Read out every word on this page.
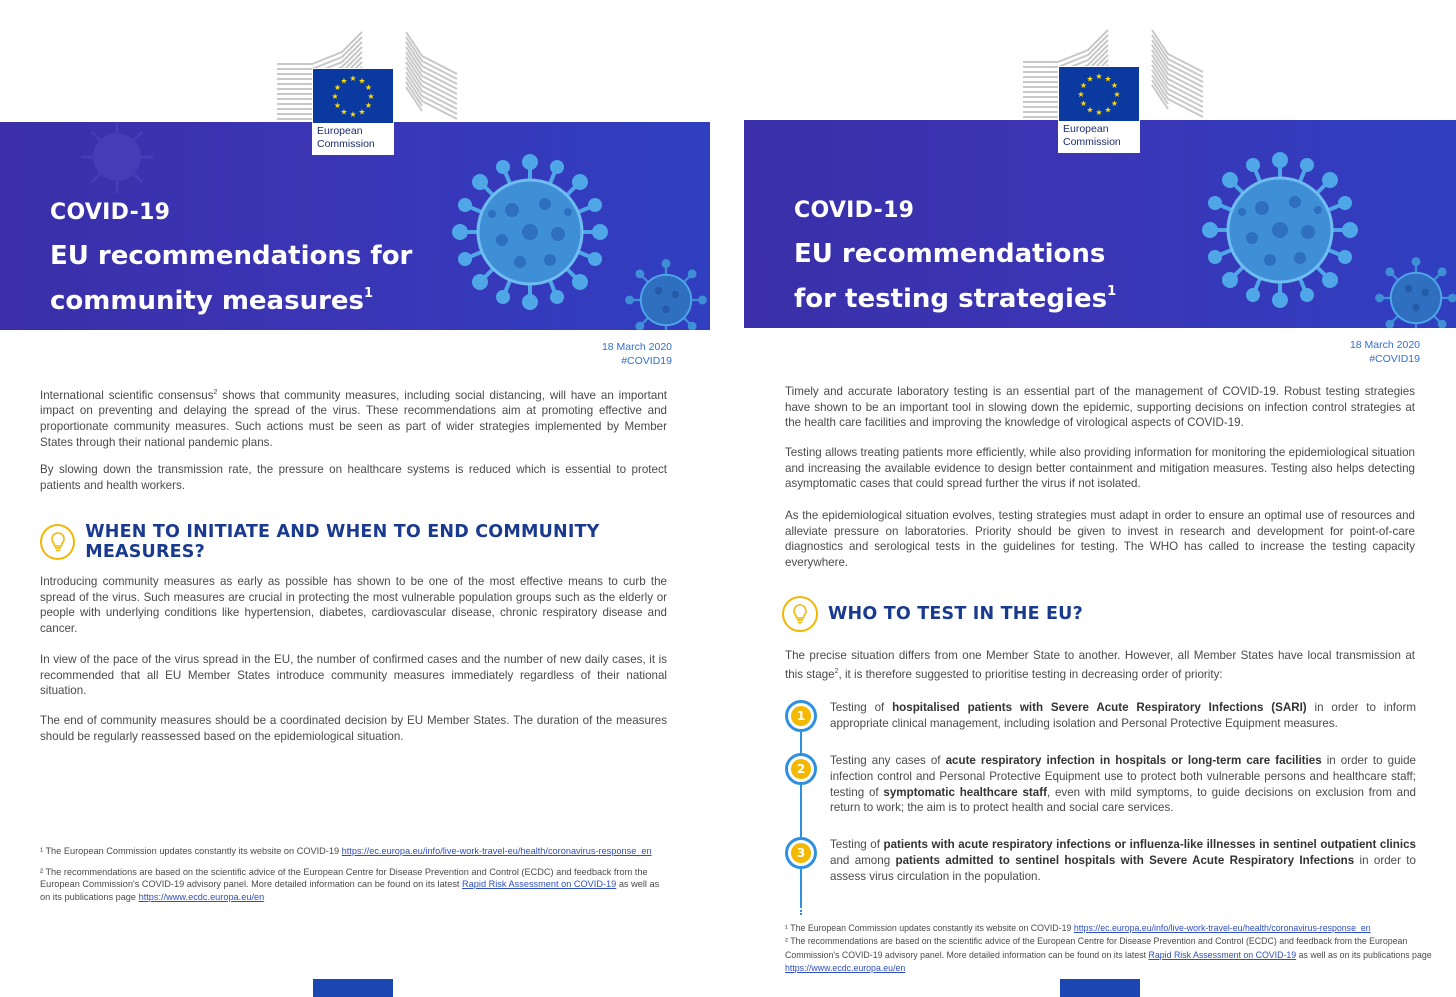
COVID-19
EU recommendations for
community measures$^1$
★ ★
★
★
★
★
★
★
★
★
★
★
European
Commission
18 March 2020
#COVID19

International scientific consensus$^2$ shows that community measures, including social distancing, will have an important impact on preventing and delaying the spread of the virus. These recommendations aim at promoting effective and proportionate community measures. Such actions must be seen as part of wider strategies implemented by Member States through their national pandemic plans.

By slowing down the transmission rate, the pressure on healthcare systems is reduced which is essential to protect patients and health workers.

WHEN TO INITIATE AND WHEN TO END COMMUNITY MEASURES?

Introducing community measures as early as possible has shown to be one of the most effective means to curb the spread of the virus. Such measures are crucial in protecting the most vulnerable population groups such as the elderly or people with underlying conditions like hypertension, diabetes, cardiovascular disease, chronic respiratory disease and cancer.

In view of the pace of the virus spread in the EU, the number of confirmed cases and the number of new daily cases, it is recommended that all EU Member States introduce community measures immediately regardless of their national situation.

The end of community measures should be a coordinated decision by EU Member States. The duration of the measures should be regularly reassessed based on the epidemiological situation.

¹ The European Commission updates constantly its website on COVID-19 https://ec.europa.eu/info/live-work-travel-eu/health/coronavirus-response_en
² The recommendations are based on the scientific advice of the European Centre for Disease Prevention and Control (ECDC) and feedback from the European Commission's COVID-19 advisory panel. More detailed information can be found on its latest Rapid Risk Assessment on COVID-19 as well as on its publications page https://www.ecdc.europa.eu/en
COVID-19
EU recommendations
for testing strategies$^1$
★ ★
★
★
★
★
★
★
★
★
★
★
European
Commission
18 March 2020
#COVID19

Timely and accurate laboratory testing is an essential part of the management of COVID-19. Robust testing strategies have shown to be an important tool in slowing down the epidemic, supporting decisions on infection control strategies at the health care facilities and improving the knowledge of virological aspects of COVID-19.

Testing allows treating patients more efficiently, while also providing information for monitoring the epidemiological situation and increasing the available evidence to design better containment and mitigation measures. Testing also helps detecting asymptomatic cases that could spread further the virus if not isolated.

As the epidemiological situation evolves, testing strategies must adapt in order to ensure an optimal use of resources and alleviate pressure on laboratories. Priority should be given to invest in research and development for point-of-care diagnostics and serological tests in the guidelines for testing. The WHO has called to increase the testing capacity everywhere.

WHO TO TEST IN THE EU?

The precise situation differs from one Member State to another. However, all Member States have local transmission at this stage$^2$, it is therefore suggested to prioritise testing in decreasing order of priority:

1
Testing of hospitalised patients with Severe Acute Respiratory Infections (SARI) in order to inform appropriate clinical management, including isolation and Personal Protective Equipment measures.
2
Testing any cases of acute respiratory infection in hospitals or long-term care facilities in order to guide infection control and Personal Protective Equipment use to protect both vulnerable persons and healthcare staff; testing of symptomatic healthcare staff, even with mild symptoms, to guide decisions on exclusion from and return to work; the aim is to protect health and social care services.
3
Testing of patients with acute respiratory infections or influenza-like illnesses in sentinel outpatient clinics and among patients admitted to sentinel hospitals with Severe Acute Respiratory Infections in order to assess virus circulation in the population.
¹ The European Commission updates constantly its website on COVID-19 https://ec.europa.eu/info/live-work-travel-eu/health/coronavirus-response_en
² The recommendations are based on the scientific advice of the European Centre for Disease Prevention and Control (ECDC) and feedback from the European Commission's COVID-19 advisory panel. More detailed information can be found on its latest Rapid Risk Assessment on COVID-19 as well as on its publications page https://www.ecdc.europa.eu/en
